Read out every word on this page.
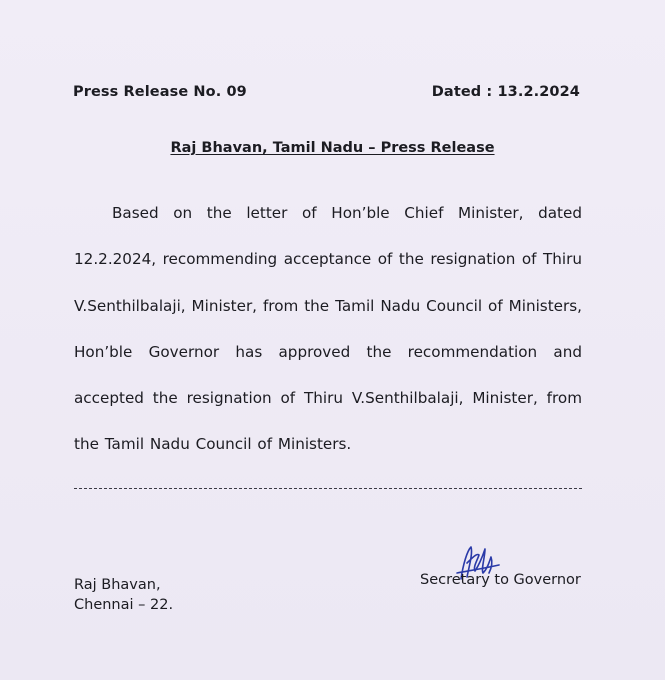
Press Release No. 09	Dated : 13.2.2024
Raj Bhavan, Tamil Nadu – Press Release
Based on the letter of Hon’ble Chief Minister, dated 12.2.2024, recommending acceptance of the resignation of Thiru V.Senthilbalaji, Minister, from the Tamil Nadu Council of Ministers, Hon’ble Governor has approved the recommendation and accepted the resignation of Thiru V.Senthilbalaji, Minister, from the Tamil Nadu Council of Ministers.
Raj Bhavan,
Chennai – 22.
Secretary to Governor
